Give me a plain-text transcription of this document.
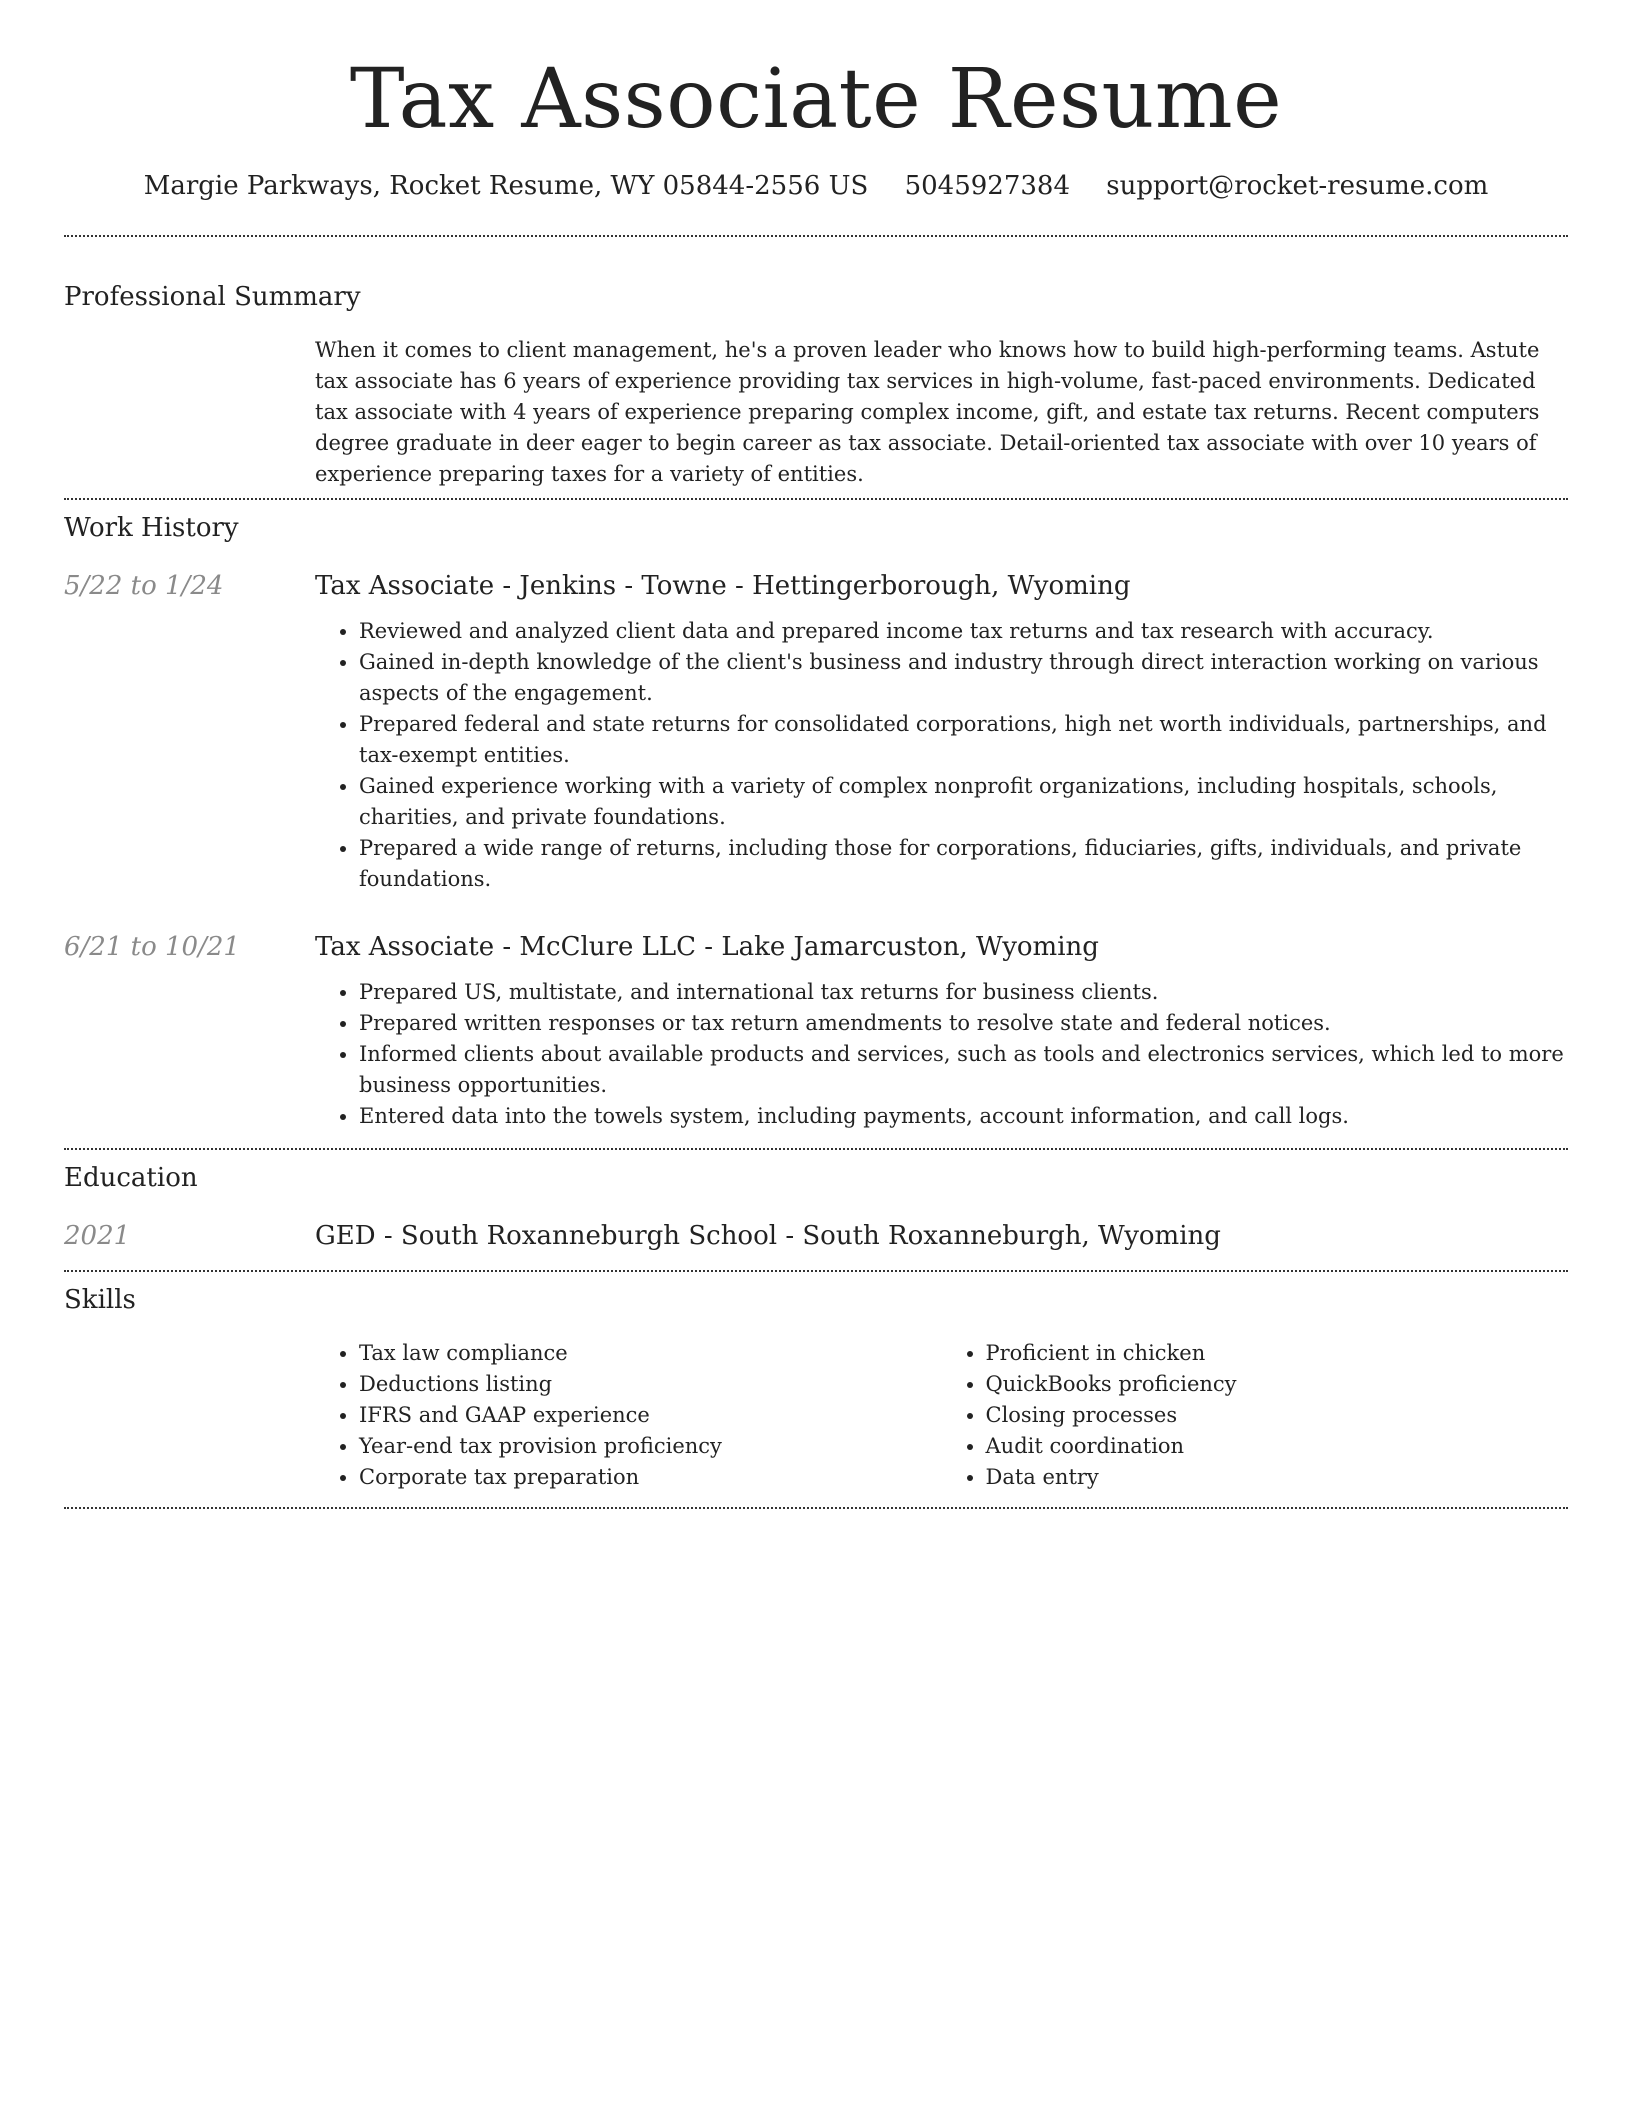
Tax Associate Resume
Margie Parkways, Rocket Resume, WY 05844-2556 US 5045927384 support@rocket-resume.com
Professional Summary
When it comes to client management, he's a proven leader who knows how to build high-performing teams. Astute tax associate has 6 years of experience providing tax services in high-volume, fast-paced environments. Dedicated tax associate with 4 years of experience preparing complex income, gift, and estate tax returns. Recent computers degree graduate in deer eager to begin career as tax associate. Detail-oriented tax associate with over 10 years of experience preparing taxes for a variety of entities.
Work History
5/22 to 1/24	Tax Associate - Jenkins - Towne - Hettingerborough, Wyoming
• Reviewed and analyzed client data and prepared income tax returns and tax research with accuracy.
• Gained in-depth knowledge of the client's business and industry through direct interaction working on various aspects of the engagement.
• Prepared federal and state returns for consolidated corporations, high net worth individuals, partnerships, and tax-exempt entities.
• Gained experience working with a variety of complex nonprofit organizations, including hospitals, schools, charities, and private foundations.
• Prepared a wide range of returns, including those for corporations, fiduciaries, gifts, individuals, and private foundations.
6/21 to 10/21	Tax Associate - McClure LLC - Lake Jamarcuston, Wyoming
• Prepared US, multistate, and international tax returns for business clients.
• Prepared written responses or tax return amendments to resolve state and federal notices.
• Informed clients about available products and services, such as tools and electronics services, which led to more business opportunities.
• Entered data into the towels system, including payments, account information, and call logs.
Education
2021	GED - South Roxanneburgh School - South Roxanneburgh, Wyoming
Skills
• Tax law compliance
• Deductions listing
• IFRS and GAAP experience
• Year-end tax provision proficiency
• Corporate tax preparation
• Proficient in chicken
• QuickBooks proficiency
• Closing processes
• Audit coordination
• Data entry
